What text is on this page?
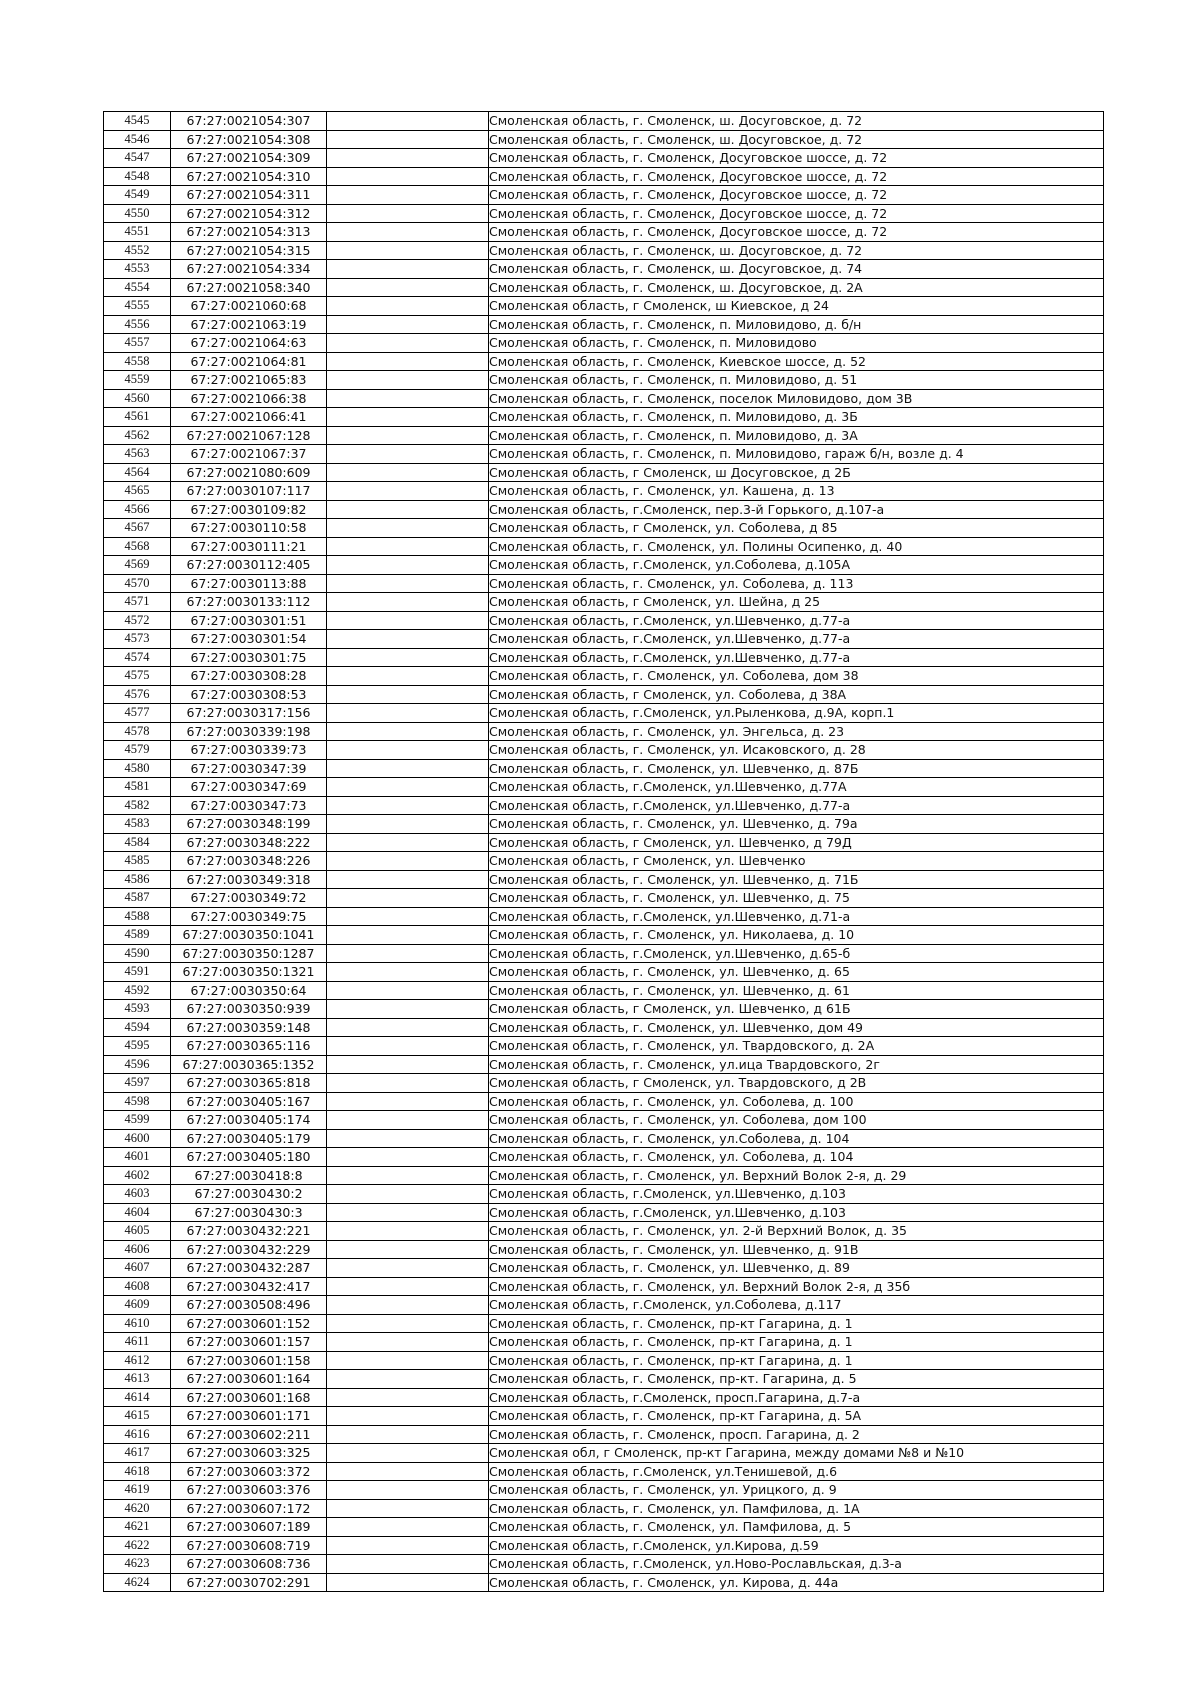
4545	67:27:0021054:307		Смоленская область, г. Смоленск, ш. Досуговское, д. 72
4546	67:27:0021054:308		Смоленская область, г. Смоленск, ш. Досуговское, д. 72
4547	67:27:0021054:309		Смоленская область, г. Смоленск, Досуговское шоссе, д. 72
4548	67:27:0021054:310		Смоленская область, г. Смоленск, Досуговское шоссе, д. 72
4549	67:27:0021054:311		Смоленская область, г. Смоленск, Досуговское шоссе, д. 72
4550	67:27:0021054:312		Смоленская область, г. Смоленск, Досуговское шоссе, д. 72
4551	67:27:0021054:313		Смоленская область, г. Смоленск, Досуговское шоссе, д. 72
4552	67:27:0021054:315		Смоленская область, г. Смоленск, ш. Досуговское, д. 72
4553	67:27:0021054:334		Смоленская область, г. Смоленск, ш. Досуговское, д. 74
4554	67:27:0021058:340		Смоленская область, г. Смоленск, ш. Досуговское, д. 2А
4555	67:27:0021060:68		Смоленская область, г Смоленск, ш Киевское, д 24
4556	67:27:0021063:19		Смоленская область, г. Смоленск, п. Миловидово, д. б/н
4557	67:27:0021064:63		Смоленская область, г. Смоленск, п. Миловидово
4558	67:27:0021064:81		Смоленская область, г. Смоленск, Киевское шоссе, д. 52
4559	67:27:0021065:83		Смоленская область, г. Смоленск, п. Миловидово, д. 51
4560	67:27:0021066:38		Смоленская область, г. Смоленск, поселок Миловидово, дом 3В
4561	67:27:0021066:41		Смоленская область, г. Смоленск, п. Миловидово, д. 3Б
4562	67:27:0021067:128		Смоленская область, г. Смоленск, п. Миловидово, д. 3А
4563	67:27:0021067:37		Смоленская область, г. Смоленск, п. Миловидово, гараж б/н, возле д. 4
4564	67:27:0021080:609		Смоленская область, г Смоленск, ш Досуговское, д 2Б
4565	67:27:0030107:117		Смоленская область, г. Смоленск, ул. Кашена, д. 13
4566	67:27:0030109:82		Смоленская область, г.Смоленск, пер.3-й Горького, д.107-а
4567	67:27:0030110:58		Смоленская область, г Смоленск, ул. Соболева, д 85
4568	67:27:0030111:21		Смоленская область, г. Смоленск, ул. Полины Осипенко, д. 40
4569	67:27:0030112:405		Смоленская область, г.Смоленск, ул.Соболева, д.105А
4570	67:27:0030113:88		Смоленская область, г. Смоленск, ул. Соболева, д. 113
4571	67:27:0030133:112		Смоленская область, г Смоленск, ул. Шейна, д 25
4572	67:27:0030301:51		Смоленская область, г.Смоленск, ул.Шевченко, д.77-а
4573	67:27:0030301:54		Смоленская область, г.Смоленск, ул.Шевченко, д.77-а
4574	67:27:0030301:75		Смоленская область, г.Смоленск, ул.Шевченко, д.77-а
4575	67:27:0030308:28		Смоленская область, г. Смоленск, ул. Соболева, дом 38
4576	67:27:0030308:53		Смоленская область, г Смоленск, ул. Соболева, д 38А
4577	67:27:0030317:156		Смоленская область, г.Смоленск, ул.Рыленкова, д.9А, корп.1
4578	67:27:0030339:198		Смоленская область, г. Смоленск, ул. Энгельса, д. 23
4579	67:27:0030339:73		Смоленская область, г. Смоленск, ул. Исаковского, д. 28
4580	67:27:0030347:39		Смоленская область, г. Смоленск, ул. Шевченко, д. 87Б
4581	67:27:0030347:69		Смоленская область, г.Смоленск, ул.Шевченко, д.77А
4582	67:27:0030347:73		Смоленская область, г.Смоленск, ул.Шевченко, д.77-а
4583	67:27:0030348:199		Смоленская область, г. Смоленск, ул. Шевченко, д. 79а
4584	67:27:0030348:222		Смоленская область, г Смоленск, ул. Шевченко, д 79Д
4585	67:27:0030348:226		Смоленская область, г Смоленск, ул. Шевченко
4586	67:27:0030349:318		Смоленская область, г. Смоленск, ул. Шевченко, д. 71Б
4587	67:27:0030349:72		Смоленская область, г. Смоленск, ул. Шевченко, д. 75
4588	67:27:0030349:75		Смоленская область, г.Смоленск, ул.Шевченко, д.71-а
4589	67:27:0030350:1041		Смоленская область, г. Смоленск, ул. Николаева, д. 10
4590	67:27:0030350:1287		Смоленская область, г.Смоленск, ул.Шевченко, д.65-б
4591	67:27:0030350:1321		Смоленская область, г. Смоленск, ул. Шевченко, д. 65
4592	67:27:0030350:64		Смоленская область, г. Смоленск, ул. Шевченко, д. 61
4593	67:27:0030350:939		Смоленская область, г Смоленск, ул. Шевченко, д 61Б
4594	67:27:0030359:148		Смоленская область, г. Смоленск, ул. Шевченко, дом 49
4595	67:27:0030365:116		Смоленская область, г. Смоленск, ул. Твардовского, д. 2А
4596	67:27:0030365:1352		Смоленская область, г. Смоленск, ул.ица Твардовского, 2г
4597	67:27:0030365:818		Смоленская область, г Смоленск, ул. Твардовского, д 2В
4598	67:27:0030405:167		Смоленская область, г. Смоленск, ул. Соболева, д. 100
4599	67:27:0030405:174		Смоленская область, г. Смоленск, ул. Соболева, дом 100
4600	67:27:0030405:179		Смоленская область, г. Смоленск, ул.Соболева, д. 104
4601	67:27:0030405:180		Смоленская область, г. Смоленск, ул. Соболева, д. 104
4602	67:27:0030418:8		Смоленская область, г. Смоленск, ул. Верхний Волок 2-я, д. 29
4603	67:27:0030430:2		Смоленская область, г.Смоленск, ул.Шевченко, д.103
4604	67:27:0030430:3		Смоленская область, г.Смоленск, ул.Шевченко, д.103
4605	67:27:0030432:221		Смоленская область, г. Смоленск, ул. 2-й Верхний Волок, д. 35
4606	67:27:0030432:229		Смоленская область, г. Смоленск, ул. Шевченко, д. 91В
4607	67:27:0030432:287		Смоленская область, г. Смоленск, ул. Шевченко, д. 89
4608	67:27:0030432:417		Смоленская область, г. Смоленск, ул. Верхний Волок 2-я, д 35б
4609	67:27:0030508:496		Смоленская область, г.Смоленск, ул.Соболева, д.117
4610	67:27:0030601:152		Смоленская область, г. Смоленск, пр-кт Гагарина, д. 1
4611	67:27:0030601:157		Смоленская область, г. Смоленск, пр-кт Гагарина, д. 1
4612	67:27:0030601:158		Смоленская область, г. Смоленск, пр-кт Гагарина, д. 1
4613	67:27:0030601:164		Смоленская область, г. Смоленск, пр-кт. Гагарина, д. 5
4614	67:27:0030601:168		Смоленская область, г.Смоленск, просп.Гагарина, д.7-а
4615	67:27:0030601:171		Смоленская область, г. Смоленск, пр-кт Гагарина, д. 5А
4616	67:27:0030602:211		Смоленская область, г. Смоленск, просп. Гагарина, д. 2
4617	67:27:0030603:325		Смоленская обл, г Смоленск, пр-кт Гагарина, между домами №8 и №10
4618	67:27:0030603:372		Смоленская область, г.Смоленск, ул.Тенишевой, д.6
4619	67:27:0030603:376		Смоленская область, г. Смоленск, ул. Урицкого, д. 9
4620	67:27:0030607:172		Смоленская область, г. Смоленск, ул. Памфилова, д. 1А
4621	67:27:0030607:189		Смоленская область, г. Смоленск, ул. Памфилова, д. 5
4622	67:27:0030608:719		Смоленская область, г.Смоленск, ул.Кирова, д.59
4623	67:27:0030608:736		Смоленская область, г.Смоленск, ул.Ново-Рославльская, д.3-а
4624	67:27:0030702:291		Смоленская область, г. Смоленск, ул. Кирова, д. 44а
